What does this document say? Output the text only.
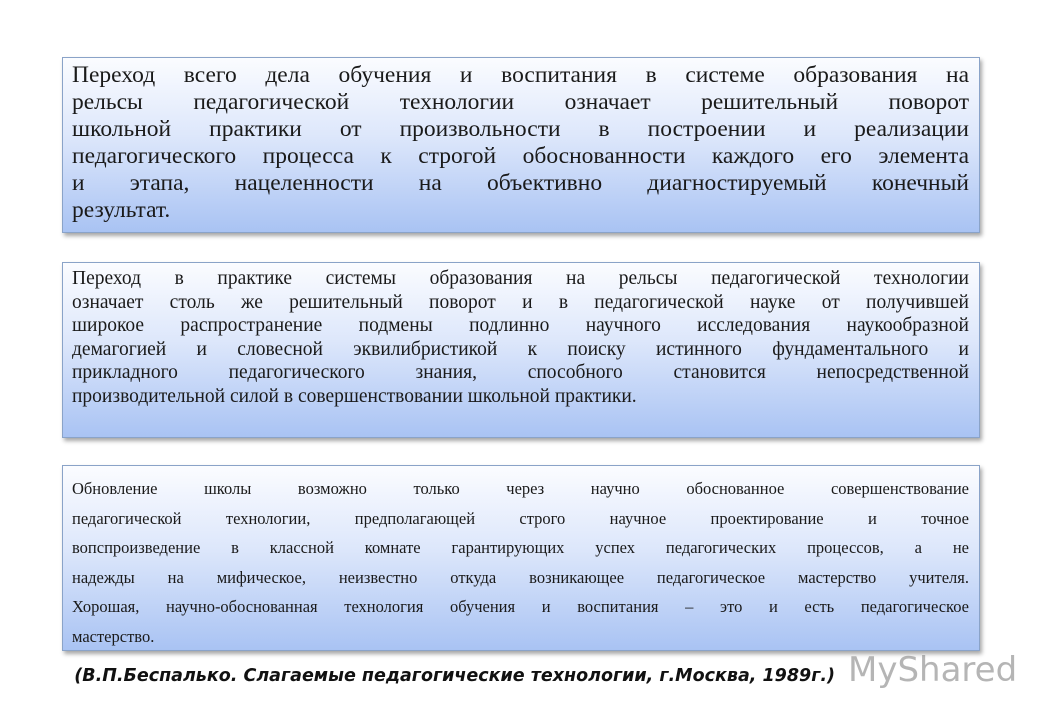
Переход всего дела обучения и воспитания в системе образования на
рельсы педагогической технологии означает решительный поворот
школьной практики от произвольности в построении и реализации
педагогического процесса к строгой обоснованности каждого его элемента
и этапа, нацеленности на объективно диагностируемый конечный
результат.
Переход в практике системы образования на рельсы педагогической технологии
означает столь же решительный поворот и в педагогической науке от получившей
широкое распространение подмены подлинно научного исследования наукообразной
демагогией и словесной эквилибристикой к поиску истинного фундаментального и
прикладного педагогического знания, способного становится непосредственной
производительной силой в совершенствовании школьной практики.
Обновление школы возможно только через научно обоснованное совершенствование
педагогической технологии, предполагающей строго научное проектирование и точное
вопспроизведение в классной комнате гарантирующих успех педагогических процессов, а не
надежды на мифическое, неизвестно откуда возникающее педагогическое мастерство учителя.
Хорошая, научно-обоснованная технология обучения и воспитания – это и есть педагогическое
мастерство.
(В.П.Беспалько. Слагаемые педагогические технологии, г.Москва, 1989г.) MyShared
